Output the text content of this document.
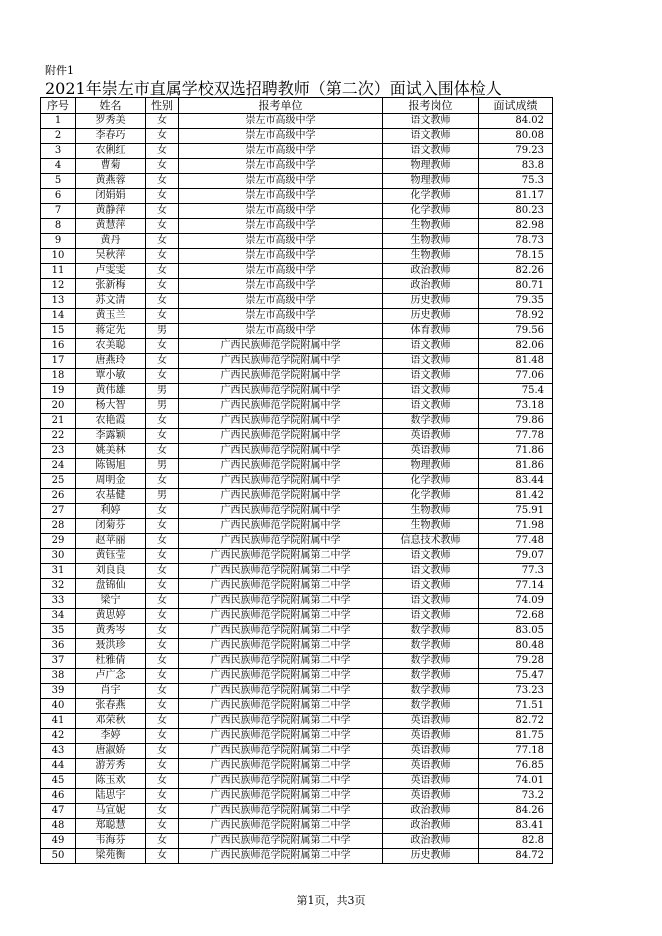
附件1
2021年崇左市直属学校双选招聘教师（第二次）面试入围体检人
序号	姓名	性别	报考单位	报考岗位	面试成绩
1	罗秀美	女	崇左市高级中学	语文教师	84.02
2	李春巧	女	崇左市高级中学	语文教师	80.08
3	农俐红	女	崇左市高级中学	语文教师	79.23
4	曹菊	女	崇左市高级中学	物理教师	83.8
5	黄燕蓉	女	崇左市高级中学	物理教师	75.3
6	闭娟娟	女	崇左市高级中学	化学教师	81.17
7	黄静萍	女	崇左市高级中学	化学教师	80.23
8	黄慧萍	女	崇左市高级中学	生物教师	82.98
9	黄丹	女	崇左市高级中学	生物教师	78.73
10	吴秋萍	女	崇左市高级中学	生物教师	78.15
11	卢雯雯	女	崇左市高级中学	政治教师	82.26
12	张新梅	女	崇左市高级中学	政治教师	80.71
13	苏文清	女	崇左市高级中学	历史教师	79.35
14	黄玉兰	女	崇左市高级中学	历史教师	78.92
15	蒋定先	男	崇左市高级中学	体育教师	79.56
16	农美聪	女	广西民族师范学院附属中学	语文教师	82.06
17	唐燕玲	女	广西民族师范学院附属中学	语文教师	81.48
18	覃小敏	女	广西民族师范学院附属中学	语文教师	77.06
19	黄伟雄	男	广西民族师范学院附属中学	语文教师	75.4
20	杨大智	男	广西民族师范学院附属中学	语文教师	73.18
21	农艳霞	女	广西民族师范学院附属中学	数学教师	79.86
22	李露颖	女	广西民族师范学院附属中学	英语教师	77.78
23	姚美林	女	广西民族师范学院附属中学	英语教师	71.86
24	陈锡旭	男	广西民族师范学院附属中学	物理教师	81.86
25	周明金	女	广西民族师范学院附属中学	化学教师	83.44
26	农基健	男	广西民族师范学院附属中学	化学教师	81.42
27	利婷	女	广西民族师范学院附属中学	生物教师	75.91
28	闭菊芬	女	广西民族师范学院附属中学	生物教师	71.98
29	赵苹丽	女	广西民族师范学院附属中学	信息技术教师	77.48
30	黄钰莹	女	广西民族师范学院附属第二中学	语文教师	79.07
31	刘良良	女	广西民族师范学院附属第二中学	语文教师	77.3
32	盘锦仙	女	广西民族师范学院附属第二中学	语文教师	77.14
33	梁宁	女	广西民族师范学院附属第二中学	语文教师	74.09
34	黄思婷	女	广西民族师范学院附属第二中学	语文教师	72.68
35	黄秀岑	女	广西民族师范学院附属第二中学	数学教师	83.05
36	聂洪珍	女	广西民族师范学院附属第二中学	数学教师	80.48
37	杜雅倩	女	广西民族师范学院附属第二中学	数学教师	79.28
38	卢广念	女	广西民族师范学院附属第二中学	数学教师	75.47
39	肖宇	女	广西民族师范学院附属第二中学	数学教师	73.23
40	张春燕	女	广西民族师范学院附属第二中学	数学教师	71.51
41	邓荣秋	女	广西民族师范学院附属第二中学	英语教师	82.72
42	李婷	女	广西民族师范学院附属第二中学	英语教师	81.75
43	唐淑娇	女	广西民族师范学院附属第二中学	英语教师	77.18
44	游芳秀	女	广西民族师范学院附属第二中学	英语教师	76.85
45	陈玉欢	女	广西民族师范学院附属第二中学	英语教师	74.01
46	陆思宇	女	广西民族师范学院附属第二中学	英语教师	73.2
47	马宣妮	女	广西民族师范学院附属第二中学	政治教师	84.26
48	郑聪慧	女	广西民族师范学院附属第二中学	政治教师	83.41
49	韦海芬	女	广西民族师范学院附属第二中学	政治教师	82.8
50	梁苑衡	女	广西民族师范学院附属第二中学	历史教师	84.72
第1页，共3页
